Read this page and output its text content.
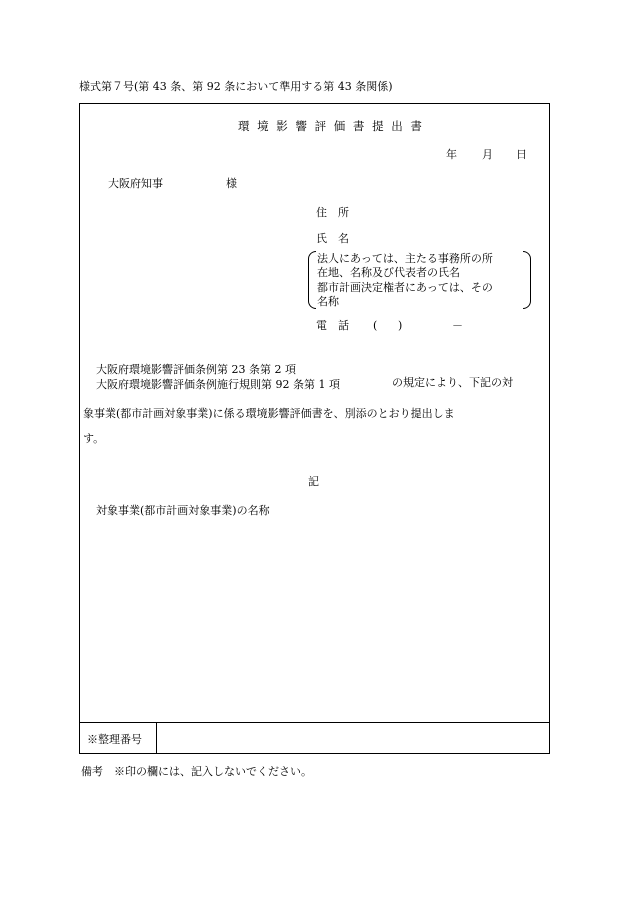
様式第７号(第 43 条、第 92 条において準用する第 43 条関係)
環 境 影 響 評 価 書 提 出 書
年 月 日
大阪府知事	様
住　所
氏　名
法人にあっては、主たる事務所の所
在地、名称及び代表者の氏名
都市計画決定権者にあっては、その
名称
電　話 ( )	－
大阪府環境影響評価条例第 23 条第 2 項
大阪府環境影響評価条例施行規則第 92 条第 1 項	の規定により、下記の対
象事業(都市計画対象事業)に係る環境影響評価書を、別添のとおり提出しま
す。
記
対象事業(都市計画対象事業)の名称
※整理番号
備考　※印の欄には、記入しないでください。
